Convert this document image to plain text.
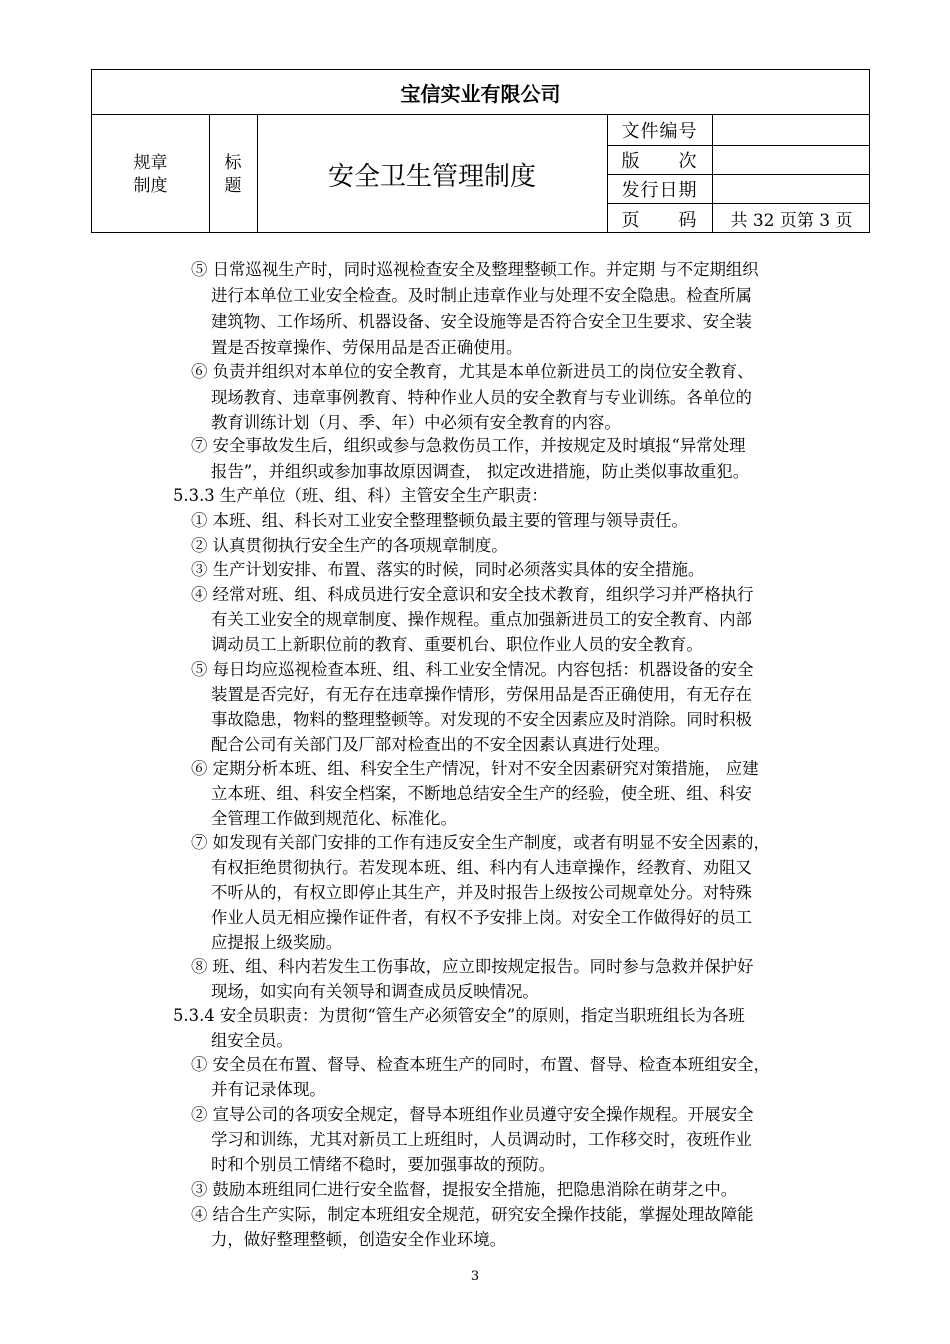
宝信实业有限公司
规章
制度
标
题	安全卫生管理制度
文件编号
版　　次
发行日期
页　　码	共 32 页第 3 页
⑤ 日常巡视生产时，同时巡视检查安全及整理整顿工作。并定期 与不定期组织
进行本单位工业安全检查。及时制止违章作业与处理不安全隐患。检查所属
建筑物、工作场所、机器设备、安全设施等是否符合安全卫生要求、安全装
置是否按章操作、劳保用品是否正确使用。
⑥ 负责并组织对本单位的安全教育，尤其是本单位新进员工的岗位安全教育、
现场教育、违章事例教育、特种作业人员的安全教育与专业训练。各单位的
教育训练计划（月、季、年）中必须有安全教育的内容。
⑦ 安全事故发生后，组织或参与急救伤员工作，并按规定及时填报“异常处理
报告”，并组织或参加事故原因调查， 拟定改进措施，防止类似事故重犯。
5.3.3 生产单位（班、组、科）主管安全生产职责：
① 本班、组、科长对工业安全整理整顿负最主要的管理与领导责任。
② 认真贯彻执行安全生产的各项规章制度。
③ 生产计划安排、布置、落实的时候，同时必须落实具体的安全措施。
④ 经常对班、组、科成员进行安全意识和安全技术教育，组织学习并严格执行
有关工业安全的规章制度、操作规程。重点加强新进员工的安全教育、内部
调动员工上新职位前的教育、重要机台、职位作业人员的安全教育。
⑤ 每日均应巡视检查本班、组、科工业安全情况。内容包括：机器设备的安全
装置是否完好，有无存在违章操作情形，劳保用品是否正确使用，有无存在
事故隐患，物料的整理整顿等。对发现的不安全因素应及时消除。同时积极
配合公司有关部门及厂部对检查出的不安全因素认真进行处理。
⑥ 定期分析本班、组、科安全生产情况，针对不安全因素研究对策措施， 应建
立本班、组、科安全档案，不断地总结安全生产的经验，使全班、组、科安
全管理工作做到规范化、标准化。
⑦ 如发现有关部门安排的工作有违反安全生产制度，或者有明显不安全因素的，
有权拒绝贯彻执行。若发现本班、组、科内有人违章操作，经教育、劝阻又
不听从的，有权立即停止其生产，并及时报告上级按公司规章处分。对特殊
作业人员无相应操作证件者，有权不予安排上岗。对安全工作做得好的员工
应提报上级奖励。
⑧ 班、组、科内若发生工伤事故，应立即按规定报告。同时参与急救并保护好
现场，如实向有关领导和调查成员反映情况。
5.3.4 安全员职责：为贯彻“管生产必须管安全”的原则，指定当职班组长为各班
组安全员。
① 安全员在布置、督导、检查本班生产的同时，布置、督导、检查本班组安全，
并有记录体现。
② 宣导公司的各项安全规定，督导本班组作业员遵守安全操作规程。开展安全
学习和训练，尤其对新员工上班组时，人员调动时，工作移交时，夜班作业
时和个别员工情绪不稳时，要加强事故的预防。
③ 鼓励本班组同仁进行安全监督，提报安全措施，把隐患消除在萌芽之中。
④ 结合生产实际，制定本班组安全规范，研究安全操作技能，掌握处理故障能
力，做好整理整顿，创造安全作业环境。
3
